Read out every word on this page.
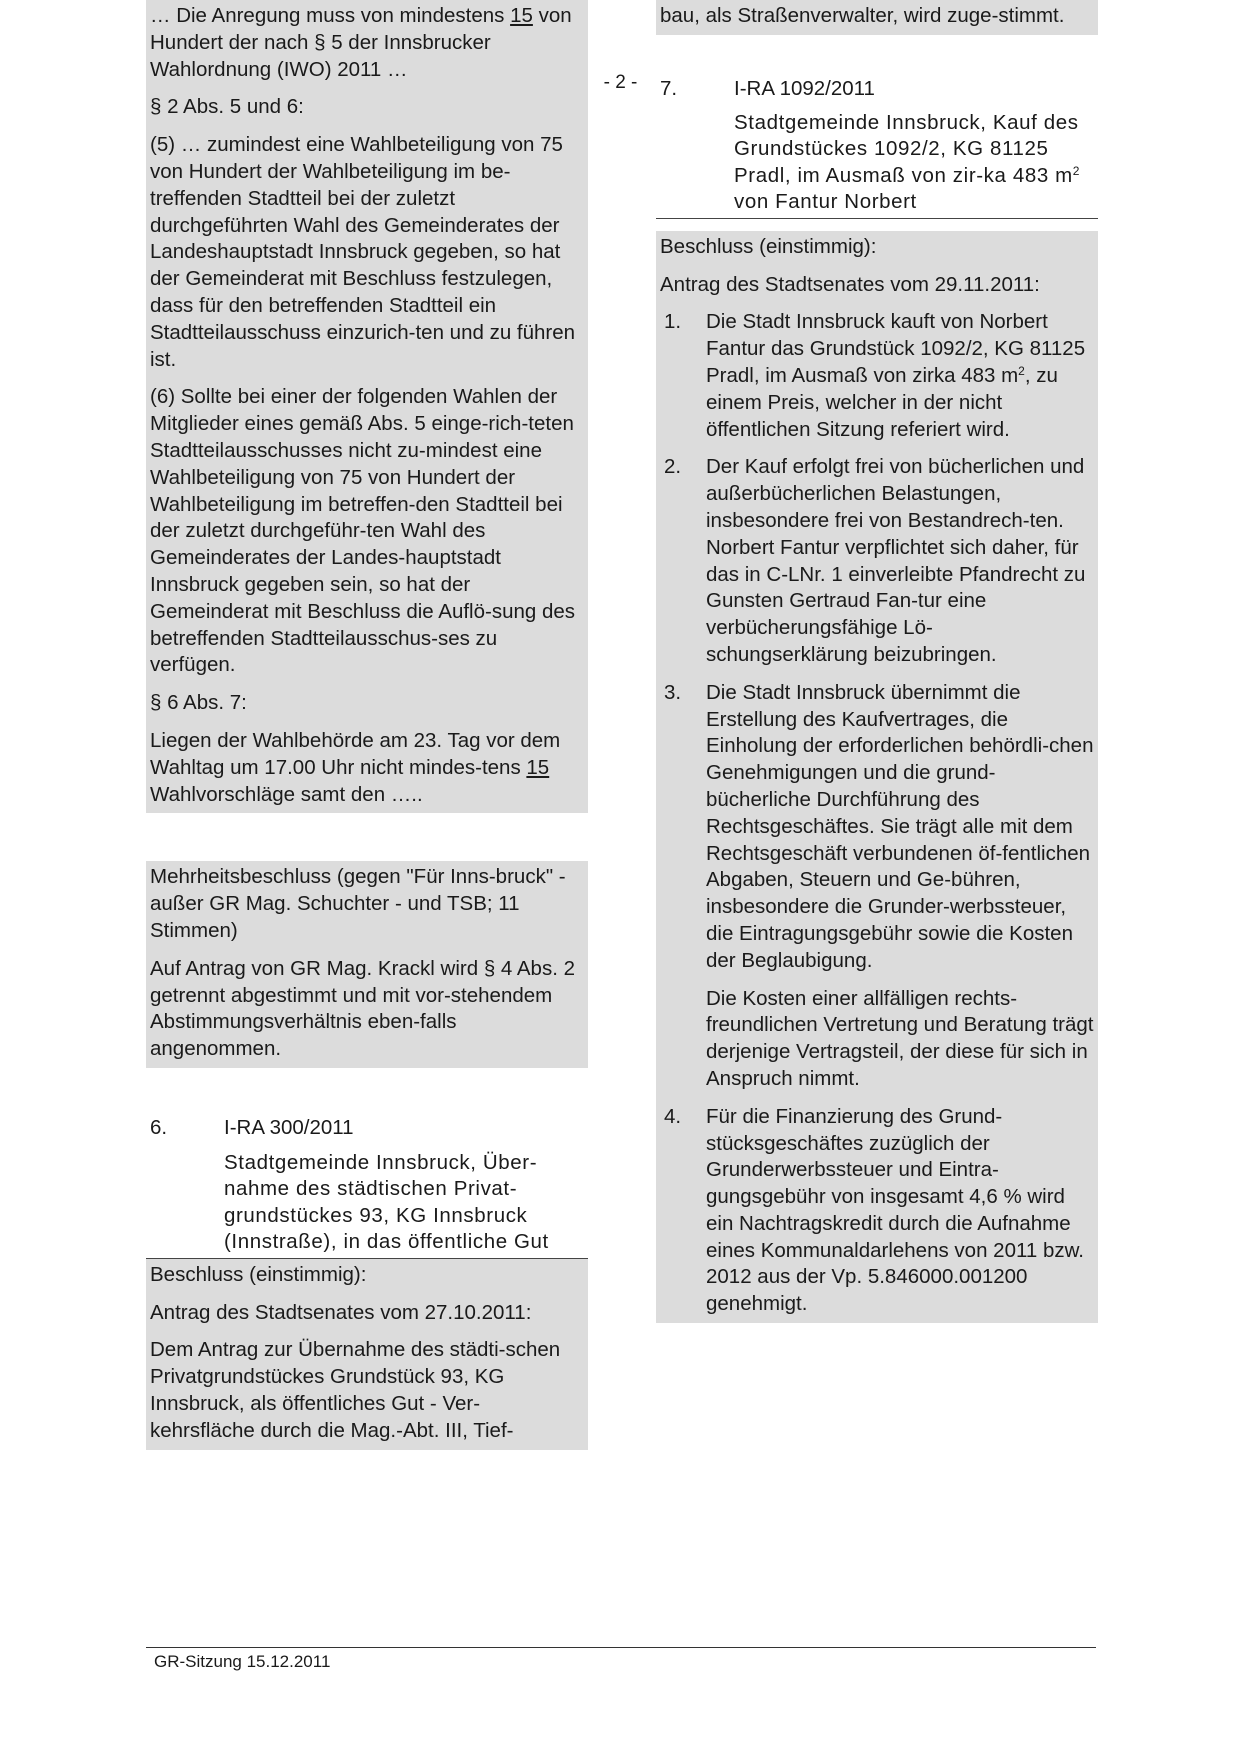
- 2 -

… Die Anregung muss von mindestens 15 von Hundert der nach § 5 der Innsbrucker Wahlordnung (IWO) 2011 …

§ 2 Abs. 5 und 6:

(5) … zumindest eine Wahlbeteiligung von 75 von Hundert der Wahlbeteiligung im be-treffenden Stadtteil bei der zuletzt durchgeführten Wahl des Gemeinderates der Landeshauptstadt Innsbruck gegeben, so hat der Gemeinderat mit Beschluss festzulegen, dass für den betreffenden Stadtteil ein Stadtteilausschuss einzurich-ten und zu führen ist.

(6) Sollte bei einer der folgenden Wahlen der Mitglieder eines gemäß Abs. 5 einge-rich-teten Stadtteilausschusses nicht zu-mindest eine Wahlbeteiligung von 75 von Hundert der Wahlbeteiligung im betreffen-den Stadtteil bei der zuletzt durchgeführ-ten Wahl des Gemeinderates der Landes-hauptstadt Innsbruck gegeben sein, so hat der Gemeinderat mit Beschluss die Auflö-sung des betreffenden Stadtteilausschus-ses zu verfügen.

§ 6 Abs. 7:

Liegen der Wahlbehörde am 23. Tag vor dem Wahltag um 17.00 Uhr nicht mindes-tens 15 Wahlvorschläge samt den …..

Mehrheitsbeschluss (gegen "Für Inns-bruck" - außer GR Mag. Schuchter - und TSB; 11 Stimmen)

Auf Antrag von GR Mag. Krackl wird § 4 Abs. 2 getrennt abgestimmt und mit vor-stehendem Abstimmungsverhältnis eben-falls angenommen.

6.	I-RA 300/2011
Stadtgemeinde Innsbruck, Über-nahme des städtischen Privat-grundstückes 93, KG Innsbruck (Innstraße), in das öffentliche Gut

Beschluss (einstimmig):

Antrag des Stadtsenates vom 27.10.2011:

Dem Antrag zur Übernahme des städti-schen Privatgrundstückes Grundstück 93, KG Innsbruck, als öffentliches Gut - Ver-kehrsfläche durch die Mag.-Abt. III, Tief-

bau, als Straßenverwalter, wird zuge-stimmt.

7.	I-RA 1092/2011
Stadtgemeinde Innsbruck, Kauf des Grundstückes 1092/2, KG 81125 Pradl, im Ausmaß von zir-ka 483 $m^2$ von Fantur Norbert

Beschluss (einstimmig):

Antrag des Stadtsenates vom 29.11.2011:

1. Die Stadt Innsbruck kauft von Norbert Fantur das Grundstück 1092/2, KG 81125 Pradl, im Ausmaß von zirka 483 $m^2$, zu einem Preis, welcher in der nicht öffentlichen Sitzung referiert wird.
2. Der Kauf erfolgt frei von bücherlichen und außerbücherlichen Belastungen, insbesondere frei von Bestandrech-ten. Norbert Fantur verpflichtet sich daher, für das in C-LNr. 1 einverleibte Pfandrecht zu Gunsten Gertraud Fan-tur eine verbücherungsfähige Lö-schungserklärung beizubringen.
3. Die Stadt Innsbruck übernimmt die Erstellung des Kaufvertrages, die Einholung der erforderlichen behördli-chen Genehmigungen und die grund-bücherliche Durchführung des Rechtsgeschäftes. Sie trägt alle mit dem Rechtsgeschäft verbundenen öf-fentlichen Abgaben, Steuern und Ge-bühren, insbesondere die Grunder-werbssteuer, die Eintragungsgebühr sowie die Kosten der Beglaubigung.
Die Kosten einer allfälligen rechts-freundlichen Vertretung und Beratung trägt derjenige Vertragsteil, der diese für sich in Anspruch nimmt.
4. Für die Finanzierung des Grund-stücksgeschäftes zuzüglich der Grunderwerbssteuer und Eintra-gungsgebühr von insgesamt 4,6 % wird ein Nachtragskredit durch die Aufnahme eines Kommunaldarlehens von 2011 bzw. 2012 aus der Vp. 5.846000.001200 genehmigt.
GR-Sitzung 15.12.2011
